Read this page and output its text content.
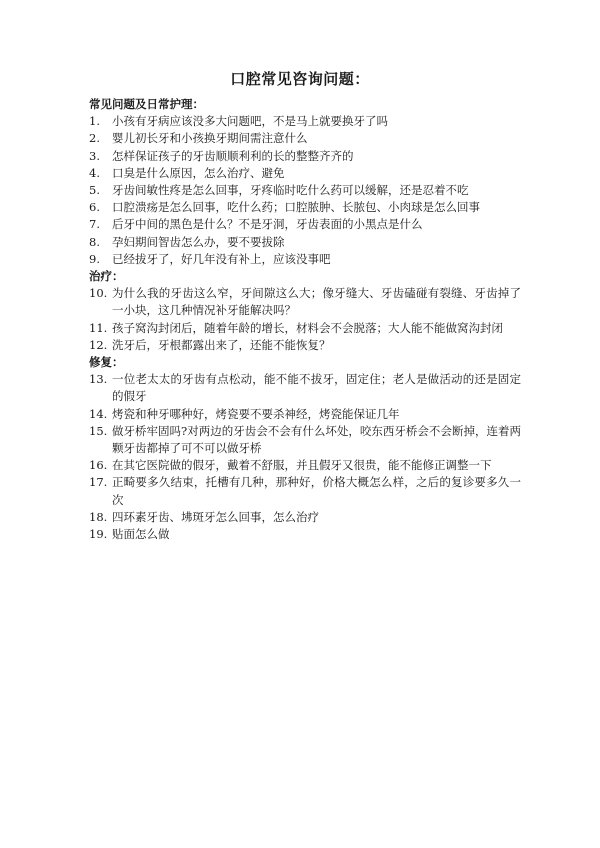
口腔常见咨询问题：
常见问题及日常护理：
1.	小孩有牙病应该没多大问题吧，不是马上就要换牙了吗
2.	婴儿初长牙和小孩换牙期间需注意什么
3.	怎样保证孩子的牙齿顺顺利利的长的整整齐齐的
4.	口臭是什么原因，怎么治疗、避免
5.	牙齿间敏性疼是怎么回事，牙疼临时吃什么药可以缓解，还是忍着不吃
6.	口腔溃疡是怎么回事，吃什么药；口腔脓肿、长脓包、小肉球是怎么回事
7.	后牙中间的黑色是什么？不是牙洞，牙齿表面的小黑点是什么
8.	孕妇期间智齿怎么办，要不要拔除
9.	已经拔牙了，好几年没有补上，应该没事吧
治疗：
10. 为什么我的牙齿这么窄，牙间隙这么大；像牙缝大、牙齿磕碰有裂缝、牙齿掉了一小块，这几种情况补牙能解决吗？
11. 孩子窝沟封闭后，随着年龄的增长，材料会不会脱落；大人能不能做窝沟封闭
12. 洗牙后，牙根都露出来了，还能不能恢复？
修复：
13. 一位老太太的牙齿有点松动，能不能不拔牙，固定住；老人是做活动的还是固定的假牙
14. 烤瓷和种牙哪种好，烤瓷要不要杀神经，烤瓷能保证几年
15. 做牙桥牢固吗?对两边的牙齿会不会有什么坏处，咬东西牙桥会不会断掉，连着两颗牙齿都掉了可不可以做牙桥
16. 在其它医院做的假牙，戴着不舒服，并且假牙又很贵，能不能修正调整一下
17. 正畸要多久结束，托槽有几种，那种好，价格大概怎么样，之后的复诊要多久一次
18. 四环素牙齿、坲斑牙怎么回事，怎么治疗
19. 贴面怎么做
